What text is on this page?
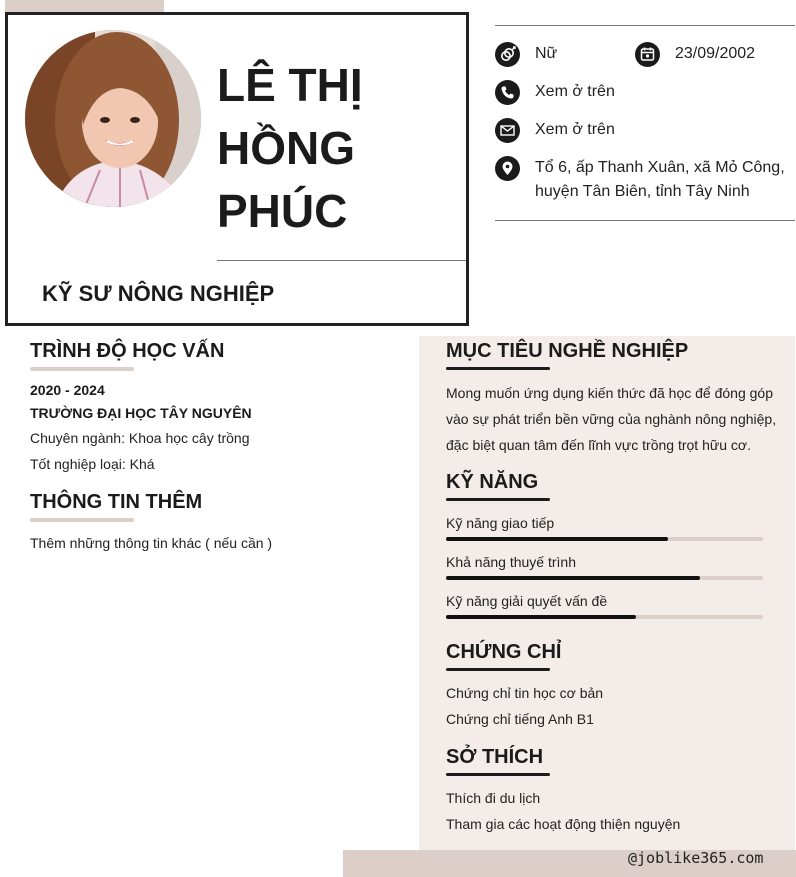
LÊ THỊ
HỒNG
PHÚC
KỸ SƯ NÔNG NGHIỆP
Nữ	23/09/2002
Xem ở trên
Xem ở trên
Tổ 6, ấp Thanh Xuân, xã Mỏ Công,
huyện Tân Biên, tỉnh Tây Ninh
TRÌNH ĐỘ HỌC VẤN
2020 - 2024
TRƯỜNG ĐẠI HỌC TÂY NGUYÊN
Chuyên ngành: Khoa học cây trồng
Tốt nghiệp loại: Khá
THÔNG TIN THÊM
Thêm những thông tin khác ( nếu cần )
MỤC TIÊU NGHỀ NGHIỆP
Mong muốn ứng dụng kiến thức đã học để đóng góp
vào sự phát triển bền vững của nghành nông nghiệp,
đặc biệt quan tâm đến lĩnh vực trồng trọt hữu cơ.
KỸ NĂNG
Kỹ năng giao tiếp
Khả năng thuyế trình
Kỹ năng giải quyết vấn đề
CHỨNG CHỈ
Chứng chỉ tin học cơ bản
Chứng chỉ tiếng Anh B1
SỞ THÍCH
Thích đi du lịch
Tham gia các hoạt động thiện nguyện
@joblike365.com
